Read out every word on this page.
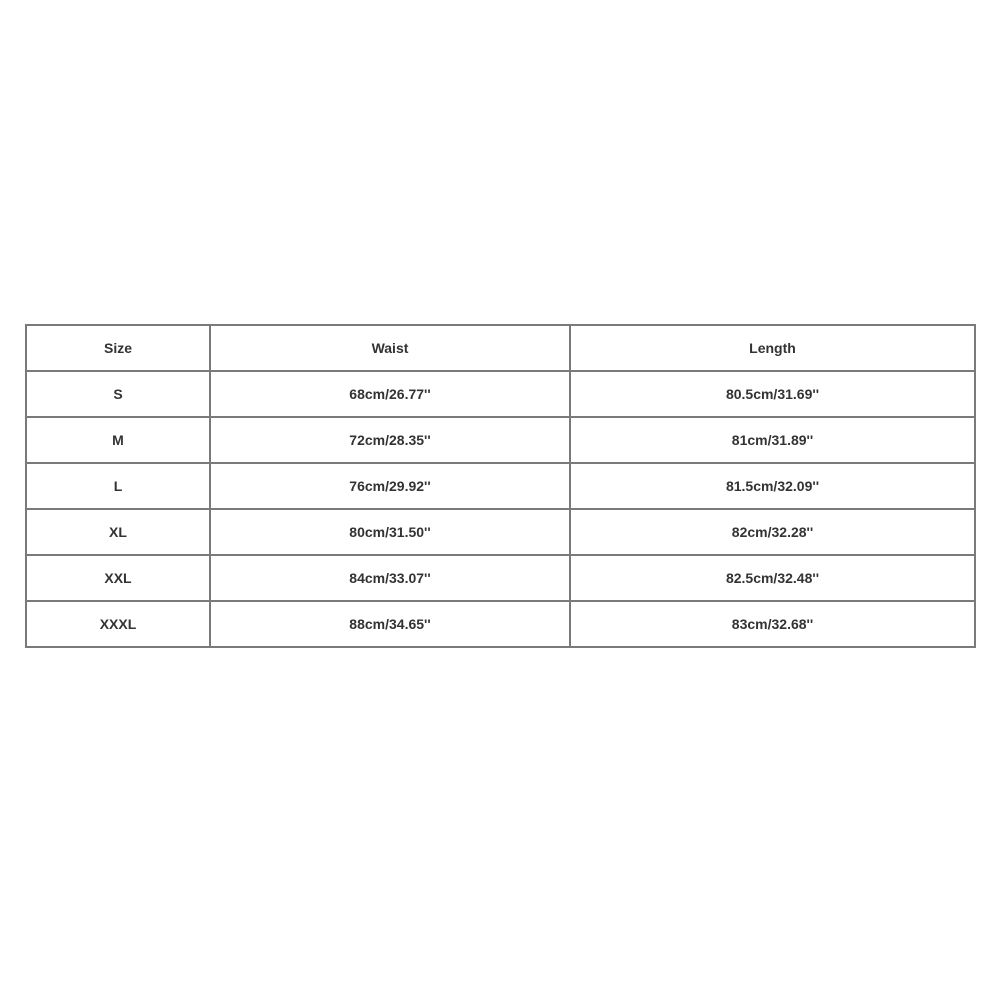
Size	Waist	Length
S	68cm/26.77''	80.5cm/31.69''
M	72cm/28.35''	81cm/31.89''
L	76cm/29.92''	81.5cm/32.09''
XL	80cm/31.50''	82cm/32.28''
XXL	84cm/33.07''	82.5cm/32.48''
XXXL	88cm/34.65''	83cm/32.68''
